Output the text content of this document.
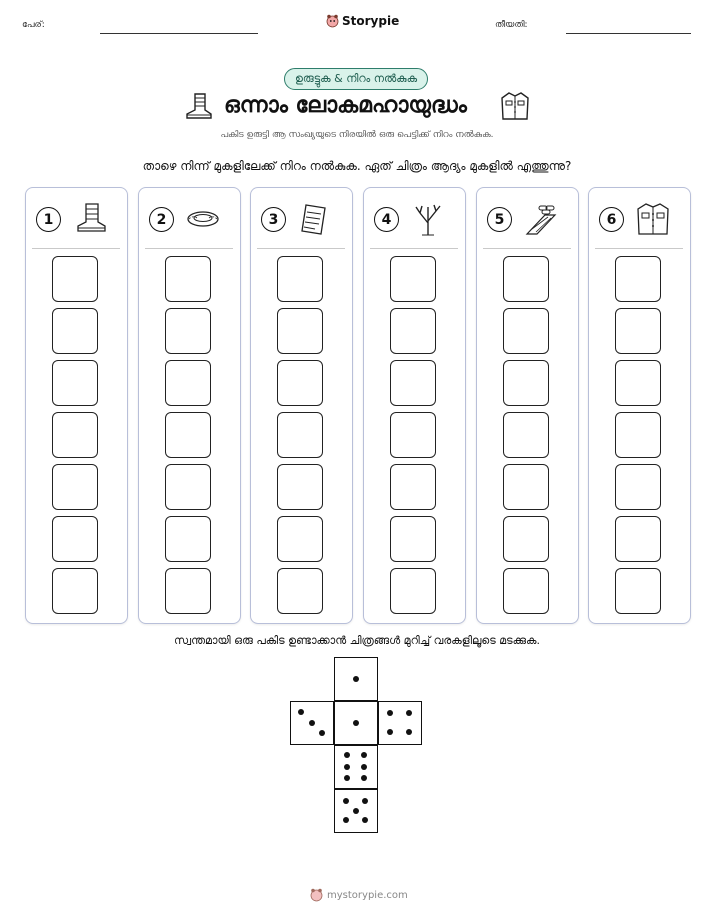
പേര്:	Storypie	തീയതി:
ഉരുട്ടുക & നിറം നൽകുക
ഒന്നാം ലോകമഹായുദ്ധം
പകിട ഉരുട്ടി ആ സംഖ്യയുടെ നിരയിൽ ഒരു പെട്ടിക്ക് നിറം നൽകുക.
താഴെ നിന്ന് മുകളിലേക്ക് നിറം നൽകുക. ഏത് ചിത്രം ആദ്യം മുകളിൽ എത്തുന്നു?
1	2	3	4	5	6
സ്വന്തമായി ഒരു പകിട ഉണ്ടാക്കാൻ ചിത്രങ്ങൾ മുറിച്ച് വരകളിലൂടെ മടക്കുക.
mystorypie.com
